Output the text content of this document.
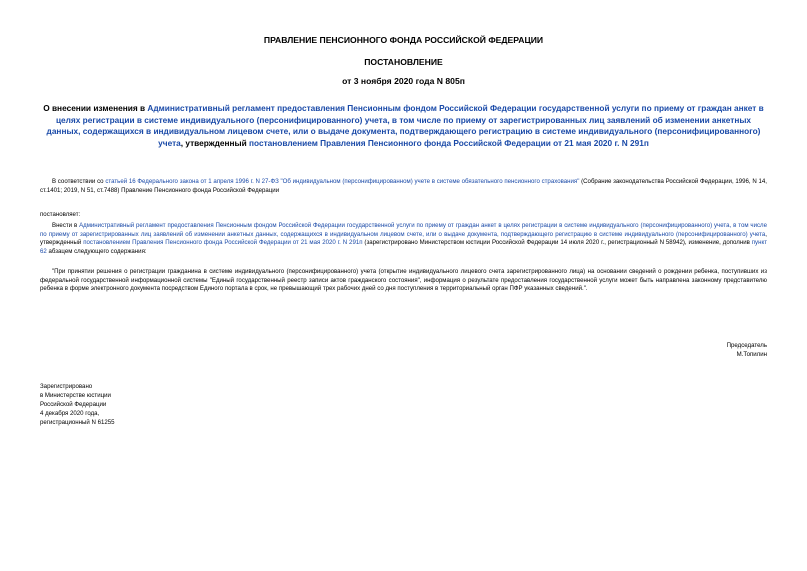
ПРАВЛЕНИЕ ПЕНСИОННОГО ФОНДА РОССИЙСКОЙ ФЕДЕРАЦИИ
ПОСТАНОВЛЕНИЕ
от 3 ноября 2020 года N 805п
О внесении изменения в Административный регламент предоставления Пенсионным фондом Российской Федерации государственной услуги по приему от граждан анкет в целях регистрации в системе индивидуального (персонифицированного) учета, в том числе по приему от зарегистрированных лиц заявлений об изменении анкетных данных, содержащихся в индивидуальном лицевом счете, или о выдаче документа, подтверждающего регистрацию в системе индивидуального (персонифицированного) учета, утвержденный постановлением Правления Пенсионного фонда Российской Федерации от 21 мая 2020 г. N 291п
В соответствии со статьей 16 Федерального закона от 1 апреля 1996 г. N 27-ФЗ "Об индивидуальном (персонифицированном) учете в системе обязательного пенсионного страхования" (Собрание законодательства Российской Федерации, 1996, N 14, ст.1401; 2019, N 51, ст.7488) Правление Пенсионного фонда Российской Федерации
постановляет:
Внести в Административный регламент предоставления Пенсионным фондом Российской Федерации государственной услуги по приему от граждан анкет в целях регистрации в системе индивидуального (персонифицированного) учета, в том числе по приему от зарегистрированных лиц заявлений об изменении анкетных данных, содержащихся в индивидуальном лицевом счете, или о выдаче документа, подтверждающего регистрацию в системе индивидуального (персонифицированного) учета, утвержденный постановлением Правления Пенсионного фонда Российской Федерации от 21 мая 2020 г. N 291п (зарегистрировано Министерством юстиции Российской Федерации 14 июля 2020 г., регистрационный N 58942), изменение, дополнив пункт 62 абзацем следующего содержания:
"При принятии решения о регистрации гражданина в системе индивидуального (персонифицированного) учета (открытие индивидуального лицевого счета зарегистрированного лица) на основании сведений о рождении ребенка, поступивших из федеральной государственной информационной системы "Единый государственный реестр записи актов гражданского состояния", информация о результате предоставления государственной услуги может быть направлена законному представителю ребенка в форме электронного документа посредством Единого портала в срок, не превышающий трех рабочих дней со дня поступления в территориальный орган ПФР указанных сведений.".
Председатель
М.Топилин
Зарегистрировано
в Министерстве юстиции
Российской Федерации
4 декабря 2020 года,
регистрационный N 61255
